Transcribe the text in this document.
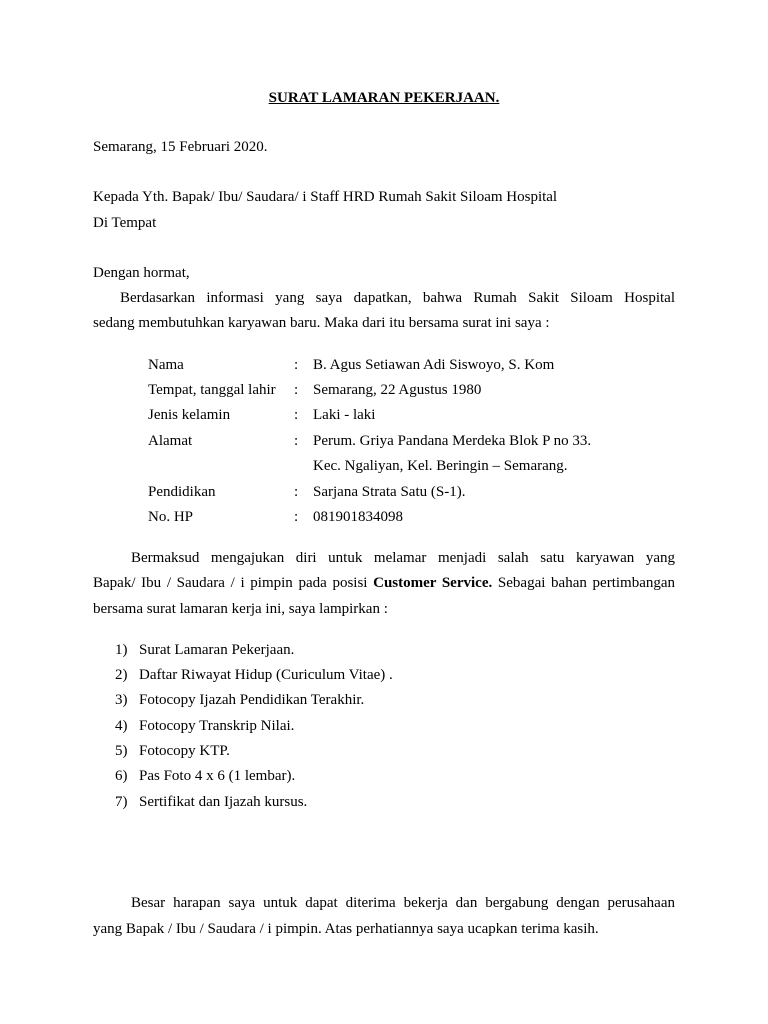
SURAT LAMARAN PEKERJAAN.
Semarang, 15 Februari 2020.
Kepada Yth. Bapak/ Ibu/ Saudara/ i Staff HRD Rumah Sakit Siloam Hospital
Di Tempat
Dengan hormat,
Berdasarkan informasi yang saya dapatkan, bahwa Rumah Sakit Siloam Hospital
sedang membutuhkan karyawan baru. Maka dari itu bersama surat ini saya :
Nama	: B. Agus Setiawan Adi Siswoyo, S. Kom
Tempat, tanggal lahir : Semarang, 22 Agustus 1980
Jenis kelamin	: Laki - laki
Alamat	: Perum. Griya Pandana Merdeka Blok P no 33.
Kec. Ngaliyan, Kel. Beringin – Semarang.
Pendidikan	: Sarjana Strata Satu (S-1).
No. HP	: 081901834098
Bermaksud mengajukan diri untuk melamar menjadi salah satu karyawan yang
Bapak/ Ibu / Saudara / i pimpin pada posisi Customer Service. Sebagai bahan pertimbangan
bersama surat lamaran kerja ini, saya lampirkan :
1) Surat Lamaran Pekerjaan.
2) Daftar Riwayat Hidup (Curiculum Vitae) .
3) Fotocopy Ijazah Pendidikan Terakhir.
4) Fotocopy Transkrip Nilai.
5) Fotocopy KTP.
6) Pas Foto 4 x 6 (1 lembar).
7) Sertifikat dan Ijazah kursus.
Besar harapan saya untuk dapat diterima bekerja dan bergabung dengan perusahaan
yang Bapak / Ibu / Saudara / i pimpin. Atas perhatiannya saya ucapkan terima kasih.
